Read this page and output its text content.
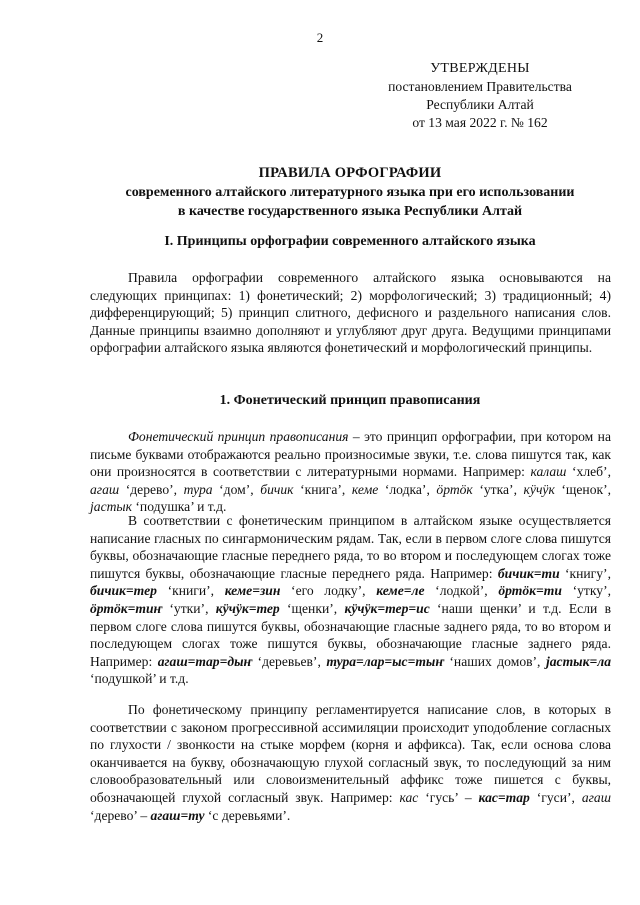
2
УТВЕРЖДЕНЫ
постановлением Правительства
Республики Алтай
от 13 мая 2022 г. № 162
ПРАВИЛА ОРФОГРАФИИ
современного алтайского литературного языка при его использовании
в качестве государственного языка Республики Алтай
I. Принципы орфографии современного алтайского языка

Правила орфографии современного алтайского языка основываются на следующих принципах: 1) фонетический; 2) морфологический; 3) традиционный; 4) дифференцирующий; 5) принцип слитного, дефисного и раздельного написания слов. Данные принципы взаимно дополняют и углубляют друг друга. Ведущими принципами орфографии алтайского языка являются фонетический и морфологический принципы.

1. Фонетический принцип правописания

Фонетический принцип правописания – это принцип орфографии, при котором на письме буквами отображаются реально произносимые звуки, т.е. слова пишутся так, как они произносятся в соответствии с литературными нормами. Например: калаш ‘хлеб’, агаш ‘дерево’, тура ‘дом’, бичик ‘книга’, кеме ‘лодка’, ӧртӧк ‘утка’, кӱчӱк ‘щенок’, јастык ‘подушка’ и т.д.

В соответствии с фонетическим принципом в алтайском языке осуществляется написание гласных по сингармоническим рядам. Так, если в первом слоге слова пишутся буквы, обозначающие гласные переднего ряда, то во втором и последующем слогах тоже пишутся буквы, обозначающие гласные переднего ряда. Например: бичик=ти ‘книгу’, бичик=тер ‘книги’, кеме=зин ‘его лодку’, кеме=ле ‘лодкой’, ӧртӧк=ти ‘утку’, ӧртӧк=тиҥ ‘утки’, кӱчӱк=тер ‘щенки’, кӱчӱк=тер=ис ‘наши щенки’ и т.д. Если в первом слоге слова пишутся буквы, обозначающие гласные заднего ряда, то во втором и последующем слогах тоже пишутся буквы, обозначающие гласные заднего ряда. Например: агаш=тар=дыҥ ‘деревьев’, тура=лар=ыс=тыҥ ‘наших домов’, јастык=ла ‘подушкой’ и т.д.

По фонетическому принципу регламентируется написание слов, в которых в соответствии с законом прогрессивной ассимиляции происходит уподобление согласных по глухости / звонкости на стыке морфем (корня и аффикса). Так, если основа слова оканчивается на букву, обозначающую глухой согласный звук, то последующий за ним словообразовательный или словоизменительный аффикс тоже пишется с буквы, обозначающей глухой согласный звук. Например: кас ‘гусь’ – кас=тар ‘гуси’, агаш ‘дерево’ – агаш=ту ‘с деревьями’.
